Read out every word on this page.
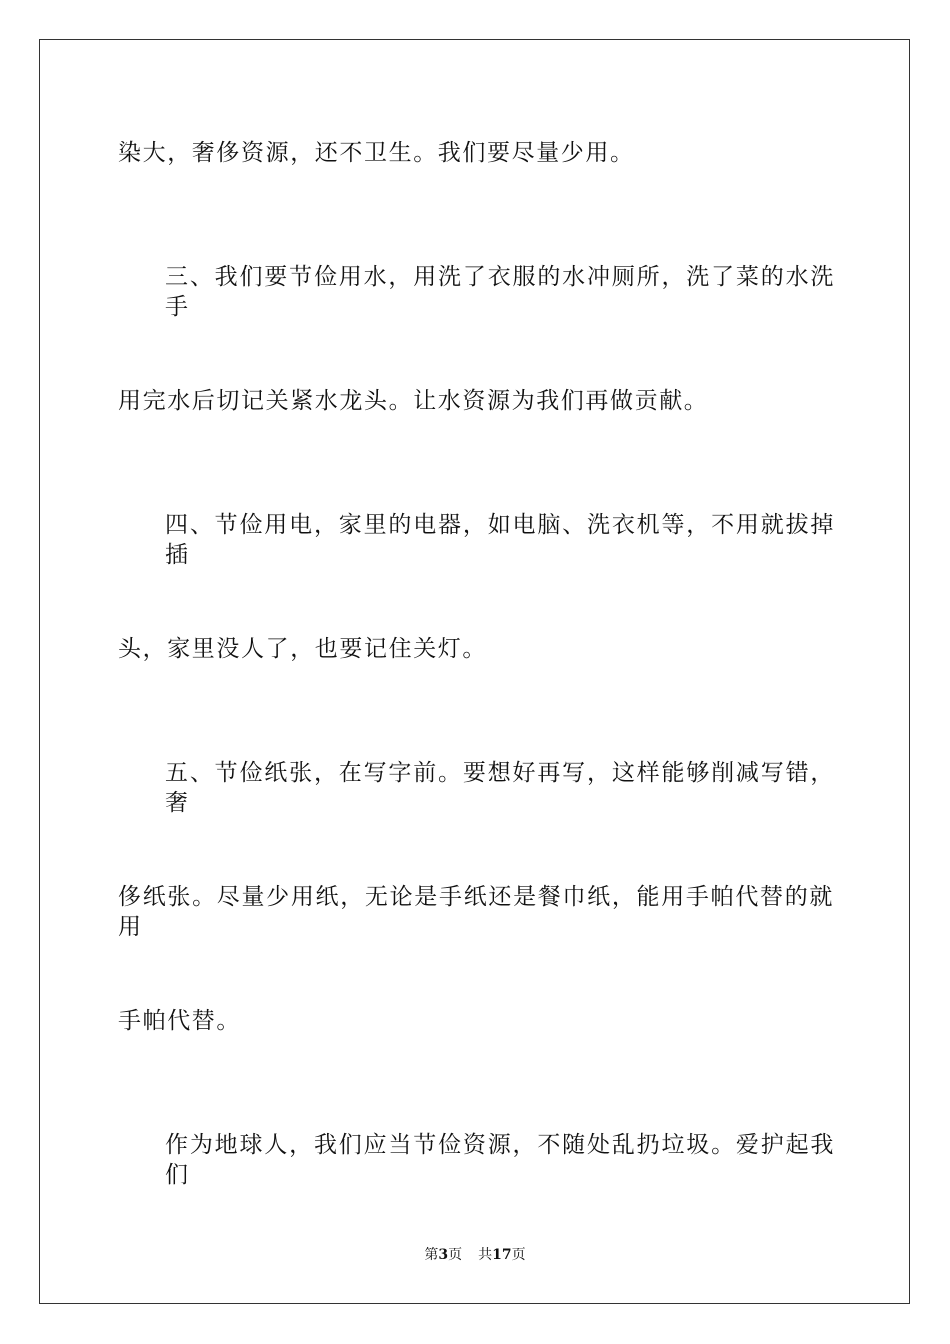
染大，奢侈资源，还不卫生。我们要尽量少用。
三、我们要节俭用水，用洗了衣服的水冲厕所，洗了菜的水洗手
用完水后切记关紧水龙头。让水资源为我们再做贡献。
四、节俭用电，家里的电器，如电脑、洗衣机等，不用就拔掉插
头，家里没人了，也要记住关灯。
五、节俭纸张，在写字前。要想好再写，这样能够削减写错，奢
侈纸张。尽量少用纸，无论是手纸还是餐巾纸，能用手帕代替的就用
手帕代替。
作为地球人，我们应当节俭资源，不随处乱扔垃圾。爱护起我们
第3页 共17页
